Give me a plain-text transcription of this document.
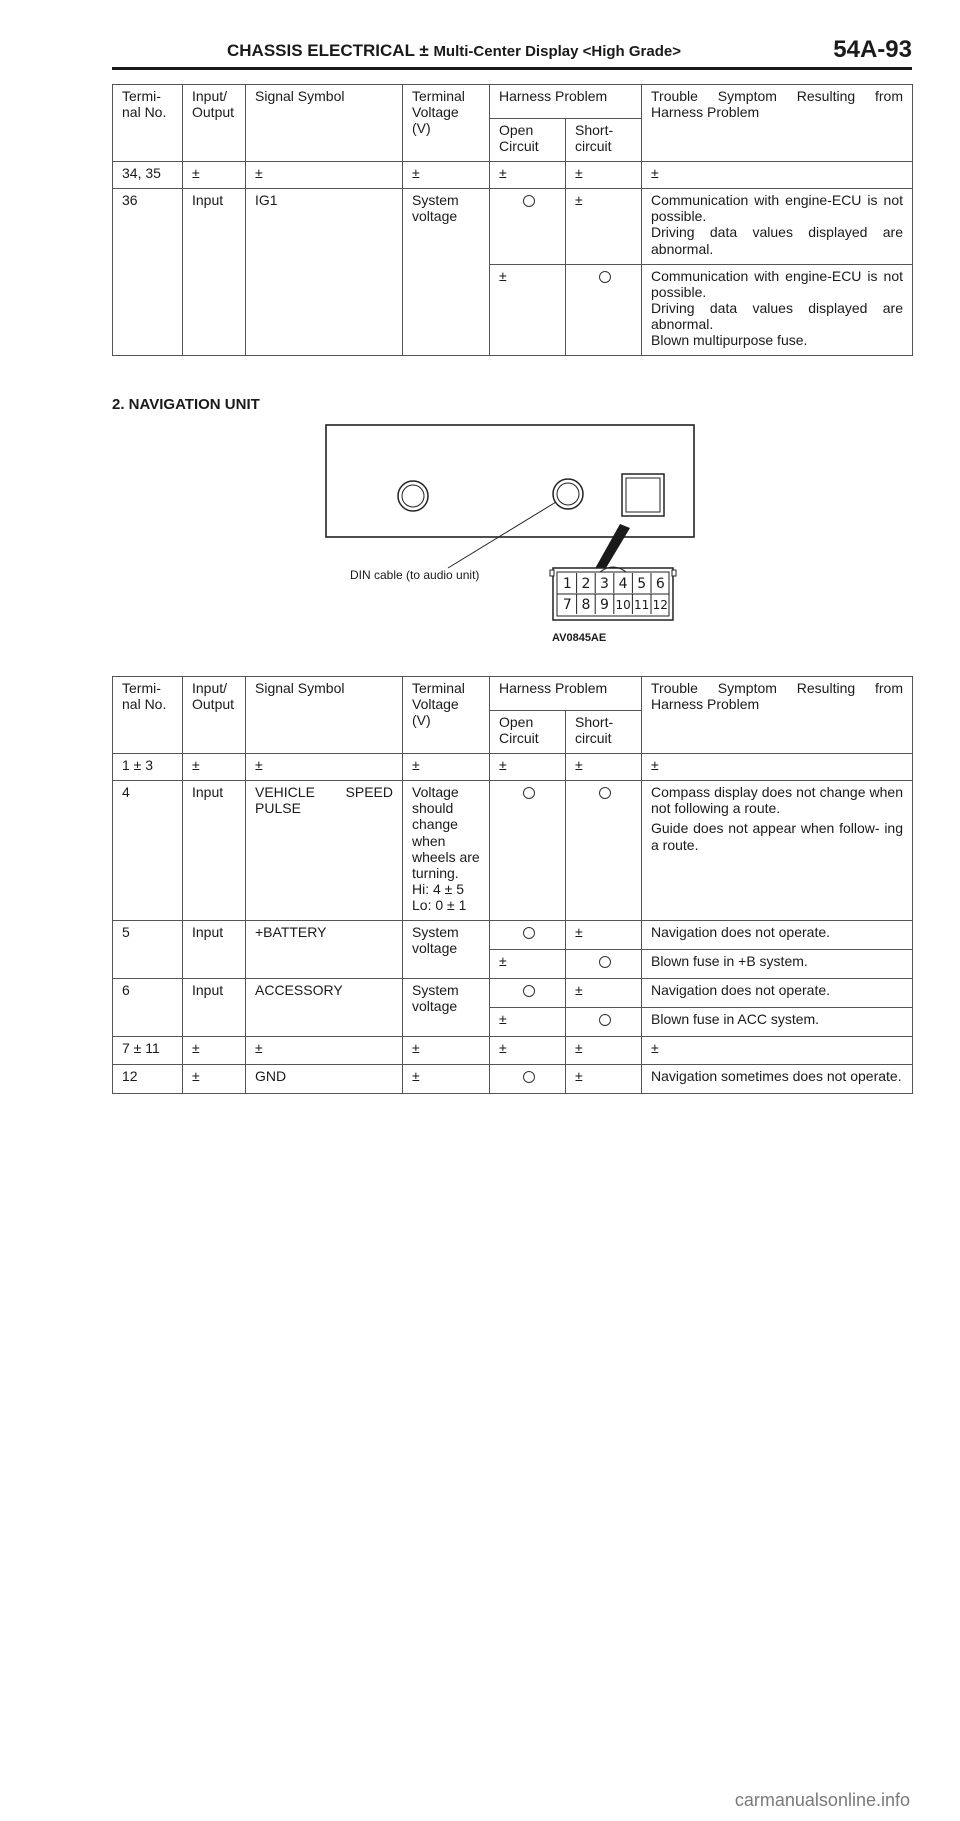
CHASSIS ELECTRICAL ± Multi-Center Display <High Grade>	54A-93
Termi- nal No.	Input/ Output	Signal Symbol	Terminal Voltage (V)	Harness Problem		Trouble Symptom Resulting from Harness Problem
				Open Circuit	Short- circuit	
34, 35	±	±	±	±	±	±
36	Input	IG1	System voltage		±	Communication with engine-ECU is not possible.
Driving data values displayed are abnormal.

				±		Communication with engine-ECU is not possible.
Driving data values displayed are abnormal.
Blown multipurpose fuse.
2. NAVIGATION UNIT
1 2 3 4 5 6
7 8 9 10 11 12
DIN cable (to audio unit)
AV0845AE
Termi- nal No.	Input/ Output	Signal Symbol	Terminal Voltage (V)	Harness Problem		Trouble Symptom Resulting from Harness Problem
				Open Circuit	Short- circuit	
1 ± 3	±	±	±	±	±	±
4	Input	VEHICLE SPEED PULSE	Voltage should change when wheels are turning.
Hi: 4 ± 5
Lo: 0 ± 1			Compass display does not change when not following a route.
Guide does not appear when follow- ing a route.

5	Input	+BATTERY	System voltage		±	Navigation does not operate.
				±		Blown fuse in +B system.
6	Input	ACCESSORY	System voltage		±	Navigation does not operate.
				±		Blown fuse in ACC system.
7 ± 11	±	±	±	±	±	±
12	±	GND	±		±	Navigation sometimes does not operate.
carmanualsonline.info
